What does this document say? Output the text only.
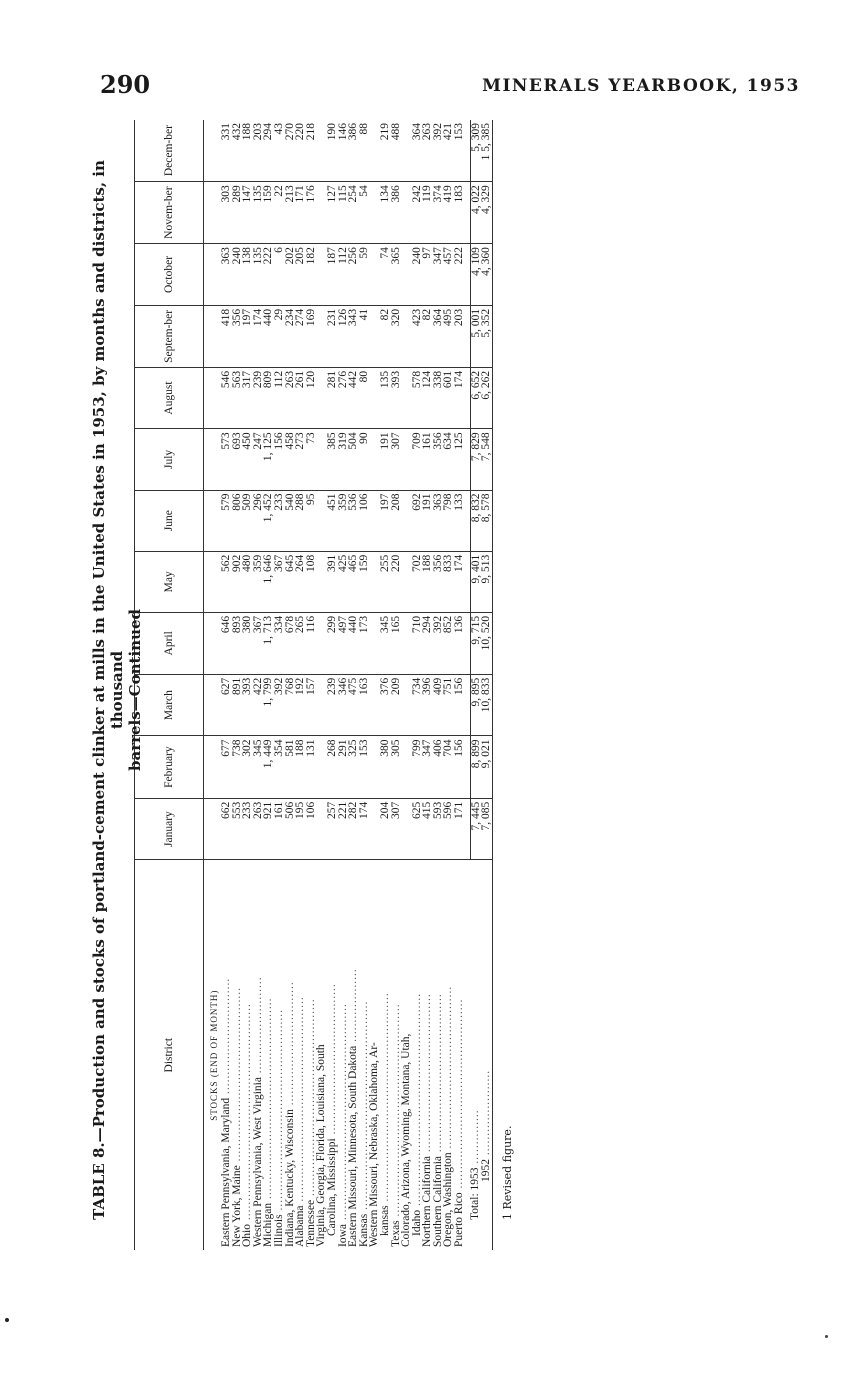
290	MINERALS YEARBOOK, 1953
TABLE 8.—Production and stocks of portland-cement clinker at mills in the United States in 1953, by months and districts, in thousand barrels—Continued
District	January	February	March	April	May	June	July	August	Septem-ber	October	Novem-ber	Decem-ber
STOCKS (END OF MONTH)												
Eastern Pennsylvania, Maryland ..............................	662	677	627	646	562	579	573	546	418	363	303	331
New York, Maine .............................................	553	738	891	893	902	806	693	563	356	240	289	432
Ohio ........................................................	233	302	393	380	480	509	450	317	197	138	147	188
Western Pennsylvania, West Virginia .........................	263	345	422	367	359	296	247	239	174	135	135	203
Michigan ....................................................	921	1, 449	1, 799	1, 713	1, 646	1, 452	1, 125	809	440	222	159	294
Illinois ....................................................	161	354	392	334	367	233	156	112	29	6	22	43
Indiana, Kentucky, Wisconsin ................................	506	581	768	678	645	540	458	263	234	202	213	270
Alabama .....................................................	195	188	192	265	264	288	273	261	274	205	171	220
Tennessee ...................................................	106	131	157	116	108	95	73	120	169	182	176	218
Virginia, Georgia, Florida, Louisiana, South												
Carolina, Mississippi .......................................	257	268	239	299	391	451	385	281	231	187	127	190
Iowa ........................................................	221	291	346	497	425	359	319	276	126	112	115	146
Eastern Missouri, Minnesota, South Dakota ...................	282	325	475	440	465	536	504	442	343	256	254	386
Kansas ......................................................	174	153	163	173	159	106	90	80	41	59	54	88
Western Missouri, Nebraska, Oklahoma, Ar-												
kansas ......................................................	204	380	376	345	255	197	191	135	82	74	134	219
Texas .......................................................	307	305	209	165	220	208	307	393	320	365	386	488
Colorado, Arizona, Wyoming, Montana, Utah,												
Idaho .......................................................	625	799	734	710	702	692	709	578	423	240	242	364
Northern California .........................................	415	347	396	294	188	191	161	124	82	97	119	263
Southern California .........................................	593	406	409	392	356	363	356	338	364	347	374	392
Oregon, Washington ..........................................	596	704	751	852	833	798	634	601	495	457	419	421
Puerto Rico .................................................	171	156	156	136	174	133	125	174	203	222	183	153

Total: 1953 ..............	7, 445	8, 899	9, 895	9, 715	9, 401	8, 832	7, 829	6, 652	5, 001	4, 109	4, 022	5, 309
1952 ......................	7, 085	9, 021	10, 833	10, 520	9, 513	8, 578	7, 548	6, 262	5, 352	4, 360	4, 329	1 5, 385
1 Revised figure.
